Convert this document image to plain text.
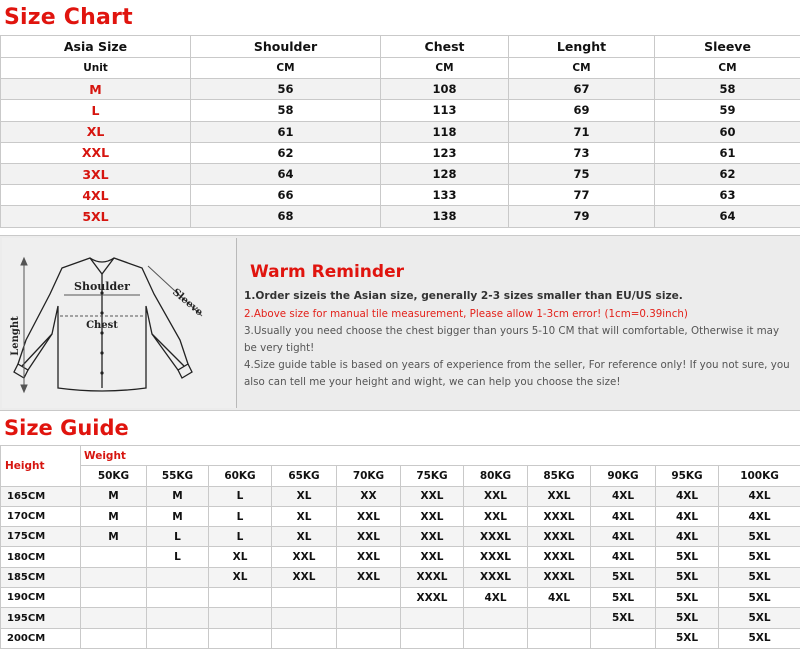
Size Chart
Asia Size	Shoulder	Chest	Lenght	Sleeve
Unit	CM	CM	CM	CM
M	56	108	67	58
L	58	113	69	59
XL	61	118	71	60
XXL	62	123	73	61
3XL	64	128	75	62
4XL	66	133	77	63
5XL	68	138	79	64
Shoulder
Chest
Sleeve
Lenght
Warm Reminder
1.Order sizeis the Asian size, generally 2-3 sizes smaller than EU/US size.
2.Above size for manual tile measurement, Please allow 1-3cm error! (1cm=0.39inch)
3.Usually you need choose the chest bigger than yours 5-10 CM that will comfortable, Otherwise it may be very tight!
4.Size guide table is based on years of experience from the seller, For reference only! If you not sure, you also can tell me your height and wight, we can help you choose the size!
Size Guide
Height	Weight										
	50KG	55KG	60KG	65KG	70KG	75KG	80KG	85KG	90KG	95KG	100KG
165CM	M	M	L	XL	XX	XXL	XXL	XXL	4XL	4XL	4XL
170CM	M	M	L	XL	XXL	XXL	XXL	XXXL	4XL	4XL	4XL
175CM	M	L	L	XL	XXL	XXL	XXXL	XXXL	4XL	4XL	5XL
180CM		L	XL	XXL	XXL	XXL	XXXL	XXXL	4XL	5XL	5XL
185CM			XL	XXL	XXL	XXXL	XXXL	XXXL	5XL	5XL	5XL
190CM						XXXL	4XL	4XL	5XL	5XL	5XL
195CM									5XL	5XL	5XL
200CM										5XL	5XL
